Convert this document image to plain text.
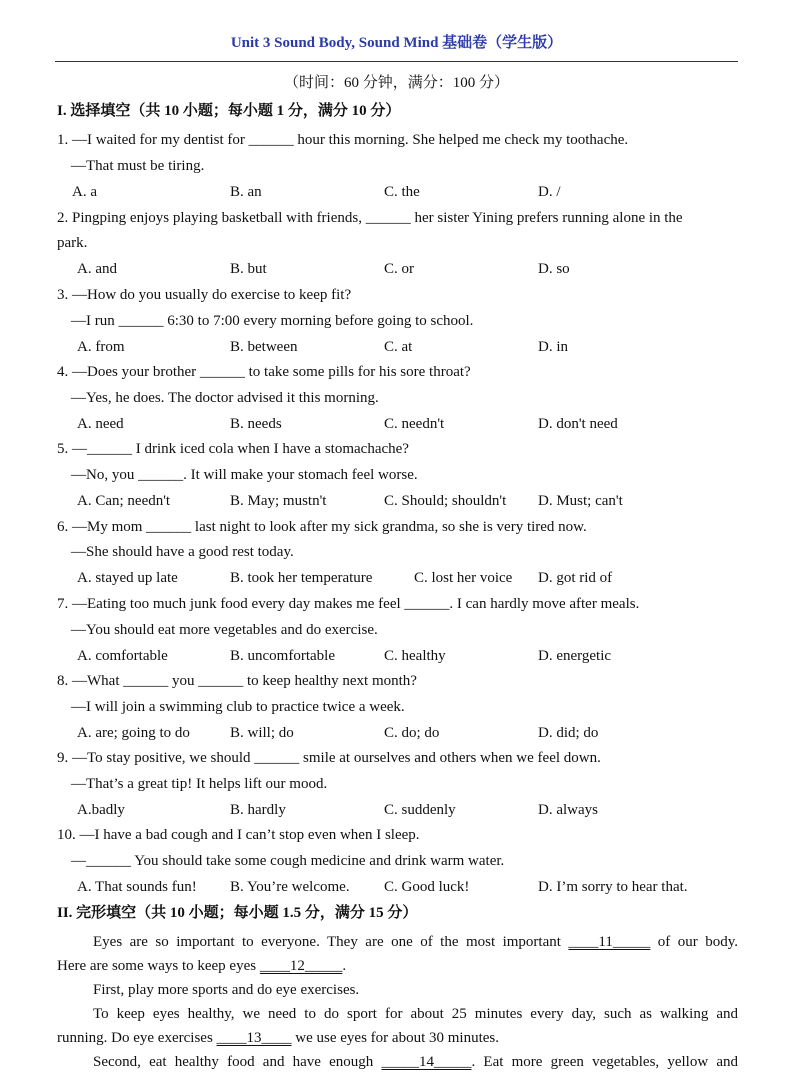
Unit 3 Sound Body, Sound Mind 基础卷（学生版）
（时间：60 分钟，满分：100 分）
I. 选择填空（共 10 小题；每小题 1 分，满分 10 分）
1. —I waited for my dentist for ______ hour this morning. She helped me check my toothache.
—That must be tiring.
A. a	B. an	C. the	D. /
2. Pingping enjoys playing basketball with friends, ______ her sister Yining prefers running alone in the
park.
A. and	B. but	C. or	D. so
3. —How do you usually do exercise to keep fit?
—I run ______ 6:30 to 7:00 every morning before going to school.
A. from	B. between	C. at	D. in
4. —Does your brother ______ to take some pills for his sore throat?
—Yes, he does. The doctor advised it this morning.
A. need	B. needs	C. needn't	D. don't need
5. —______ I drink iced cola when I have a stomachache?
—No, you ______. It will make your stomach feel worse.
A. Can; needn't	B. May; mustn't	C. Should; shouldn't D. Must; can't
6. —My mom ______ last night to look after my sick grandma, so she is very tired now.
—She should have a good rest today.
A. stayed up late	B. took her temperature	C. lost her voice D. got rid of
7. —Eating too much junk food every day makes me feel ______. I can hardly move after meals.
—You should eat more vegetables and do exercise.
A. comfortable	B. uncomfortable	C. healthy	D. energetic
8. —What ______ you ______ to keep healthy next month?
—I will join a swimming club to practice twice a week.
A. are; going to do	B. will; do	C. do; do	D. did; do
9. —To stay positive, we should ______ smile at ourselves and others when we feel down.
—That’s a great tip! It helps lift our mood.
A.badly	B. hardly	C. suddenly	D. always
10. —I have a bad cough and I can’t stop even when I sleep.
—______ You should take some cough medicine and drink warm water.
A. That sounds fun! B. You’re welcome. C. Good luck!	D. I’m sorry to hear that.
II. 完形填空（共 10 小题；每小题 1.5 分，满分 15 分）
Eyes are so important to everyone. They are one of the most important ____11_____ of our body.
Here are some ways to keep eyes ____12_____.
First, play more sports and do eye exercises.
To keep eyes healthy, we need to do sport for about 25 minutes every day, such as walking and
running. Do eye exercises ____13____ we use eyes for about 30 minutes.
Second, eat healthy food and have enough _____14_____. Eat more green vegetables, yellow and
